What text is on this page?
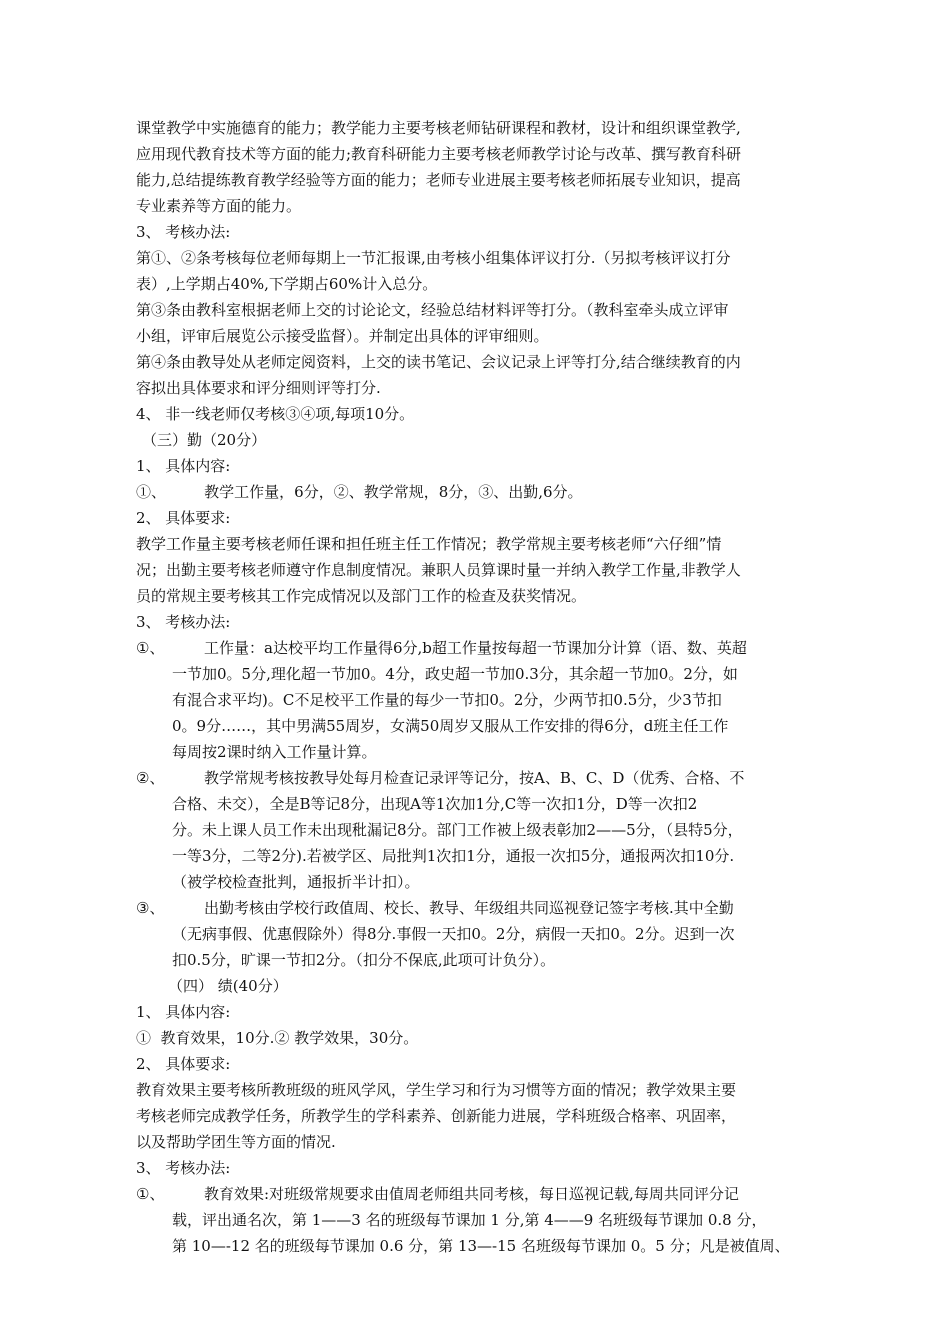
课堂教学中实施德育的能力；教学能力主要考核老师钻研课程和教材，设计和组织课堂教学,
应用现代教育技术等方面的能力;教育科研能力主要考核老师教学讨论与改革、撰写教育科研
能力,总结提练教育教学经验等方面的能力；老师专业进展主要考核老师拓展专业知识，提高
专业素养等方面的能力。
3、 考核办法:
第①、②条考核每位老师每期上一节汇报课,由考核小组集体评议打分.（另拟考核评议打分
表）,上学期占40%,下学期占60%计入总分。
第③条由教科室根据老师上交的讨论论文，经验总结材料评等打分。（教科室牵头成立评审
小组，评审后展览公示接受监督）。并制定出具体的评审细则。
第④条由教导处从老师定阅资料，上交的读书笔记、会议记录上评等打分,结合继续教育的内
容拟出具体要求和评分细则评等打分.
4、 非一线老师仅考核③④项,每项10分。
（三）勤（20分）
1、 具体内容:
①、        教学工作量，6分，②、教学常规，8分，③、出勤,6分。
2、 具体要求:
教学工作量主要考核老师任课和担任班主任工作情况；教学常规主要考核老师“六仔细”情
况；出勤主要考核老师遵守作息制度情况。兼职人员算课时量一并纳入教学工作量,非教学人
员的常规主要考核其工作完成情况以及部门工作的检查及获奖情况。
3、 考核办法:
①、	工作量：a达校平均工作量得6分,b超工作量按每超一节课加分计算（语、数、英超
一节加0。5分,理化超一节加0。4分，政史超一节加0.3分，其余超一节加0。2分，如
有混合求平均)。C不足校平工作量的每少一节扣0。2分，少两节扣0.5分，少3节扣
0。9分……，其中男满55周岁，女满50周岁又服从工作安排的得6分，d班主任工作
每周按2课时纳入工作量计算。
②、	教学常规考核按教导处每月检查记录评等记分，按A、B、C、D（优秀、合格、不
合格、未交），全是B等记8分，出现A等1次加1分,C等一次扣1分，D等一次扣2
分。未上课人员工作未出现秕漏记8分。部门工作被上级表彰加2——5分，（县特5分，
一等3分，二等2分).若被学区、局批判1次扣1分，通报一次扣5分，通报两次扣10分.
（被学校检查批判，通报折半计扣）。
③、	出勤考核由学校行政值周、校长、教导、年级组共同巡视登记签字考核.其中全勤
（无病事假、优惠假除外）得8分.事假一天扣0。2分，病假一天扣0。2分。迟到一次
扣0.5分，旷课一节扣2分。（扣分不保底,此项可计负分）。
（四） 绩(40分）
1、 具体内容:
①  教育效果，10分.② 教学效果，30分。
2、 具体要求:
教育效果主要考核所教班级的班风学风，学生学习和行为习惯等方面的情况；教学效果主要
考核老师完成教学任务，所教学生的学科素养、创新能力进展，学科班级合格率、巩固率，
以及帮助学团生等方面的情况.
3、 考核办法:
①、	教育效果:对班级常规要求由值周老师组共同考核，每日巡视记载,每周共同评分记
载，评出通名次，第 1——3 名的班级每节课加 1 分,第 4——9 名班级每节课加 0.8 分，
第 10—-12 名的班级每节课加 0.6 分，第 13—-15 名班级每节课加 0。5 分；凡是被值周、
